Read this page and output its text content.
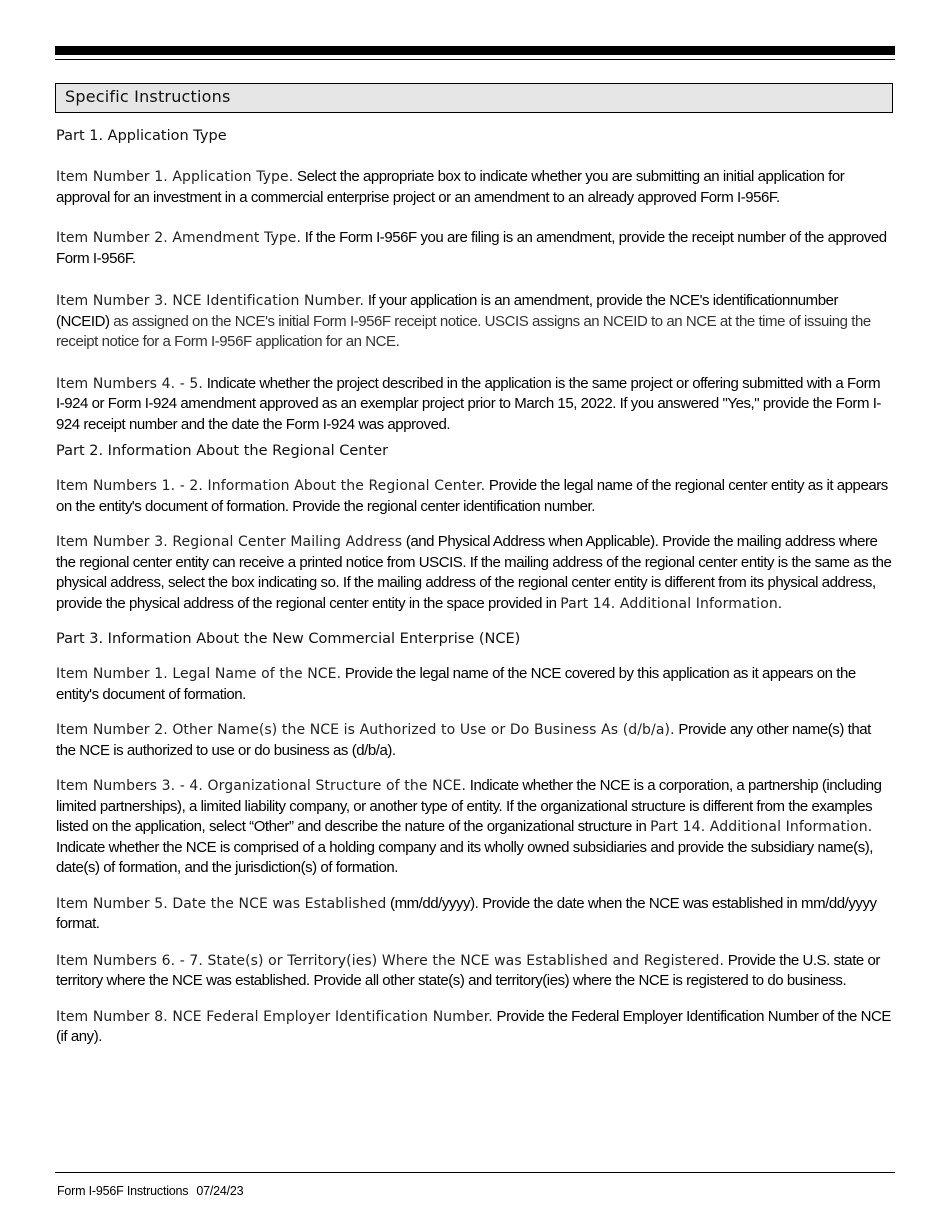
Specific Instructions

Part 1. Application Type

Item Number 1. Application Type. Select the appropriate box to indicate whether you are submitting an initial application for approval for an investment in a commercial enterprise project or an amendment to an already approved Form I-956F.

Item Number 2. Amendment Type. If the Form I-956F you are filing is an amendment, provide the receipt number of the approved Form I-956F.

Item Number 3. NCE Identification Number. If your application is an amendment, provide the NCE's identificationnumber (NCEID) as assigned on the NCE's initial Form I-956F receipt notice. USCIS assigns an NCEID to an NCE at the time of issuing the receipt notice for a Form I-956F application for an NCE.

Item Numbers 4. - 5. Indicate whether the project described in the application is the same project or offering submitted with a Form I-924 or Form I-924 amendment approved as an exemplar project prior to March 15, 2022. If you answered "Yes," provide the Form I-924 receipt number and the date the Form I-924 was approved.

Part 2. Information About the Regional Center

Item Numbers 1. - 2. Information About the Regional Center. Provide the legal name of the regional center entity as it appears on the entity's document of formation. Provide the regional center identification number.

Item Number 3. Regional Center Mailing Address (and Physical Address when Applicable). Provide the mailing address where the regional center entity can receive a printed notice from USCIS. If the mailing address of the regional center entity is the same as the physical address, select the box indicating so. If the mailing address of the regional center entity is different from its physical address, provide the physical address of the regional center entity in the space provided in Part 14. Additional Information.

Part 3. Information About the New Commercial Enterprise (NCE)

Item Number 1. Legal Name of the NCE. Provide the legal name of the NCE covered by this application as it appears on the entity's document of formation.

Item Number 2. Other Name(s) the NCE is Authorized to Use or Do Business As (d/b/a). Provide any other name(s) that the NCE is authorized to use or do business as (d/b/a).

Item Numbers 3. - 4. Organizational Structure of the NCE. Indicate whether the NCE is a corporation, a partnership (including limited partnerships), a limited liability company, or another type of entity. If the organizational structure is different from the examples listed on the application, select “Other” and describe the nature of the organizational structure in Part 14. Additional Information. Indicate whether the NCE is comprised of a holding company and its wholly owned subsidiaries and provide the subsidiary name(s), date(s) of formation, and the jurisdiction(s) of formation.

Item Number 5. Date the NCE was Established (mm/dd/yyyy). Provide the date when the NCE was established in mm/dd/yyyy format.

Item Numbers 6. - 7. State(s) or Territory(ies) Where the NCE was Established and Registered. Provide the U.S. state or territory where the NCE was established. Provide all other state(s) and territory(ies) where the NCE is registered to do business.

Item Number 8. NCE Federal Employer Identification Number. Provide the Federal Employer Identification Number of the NCE (if any).

Form I-956F Instructions 07/24/23
